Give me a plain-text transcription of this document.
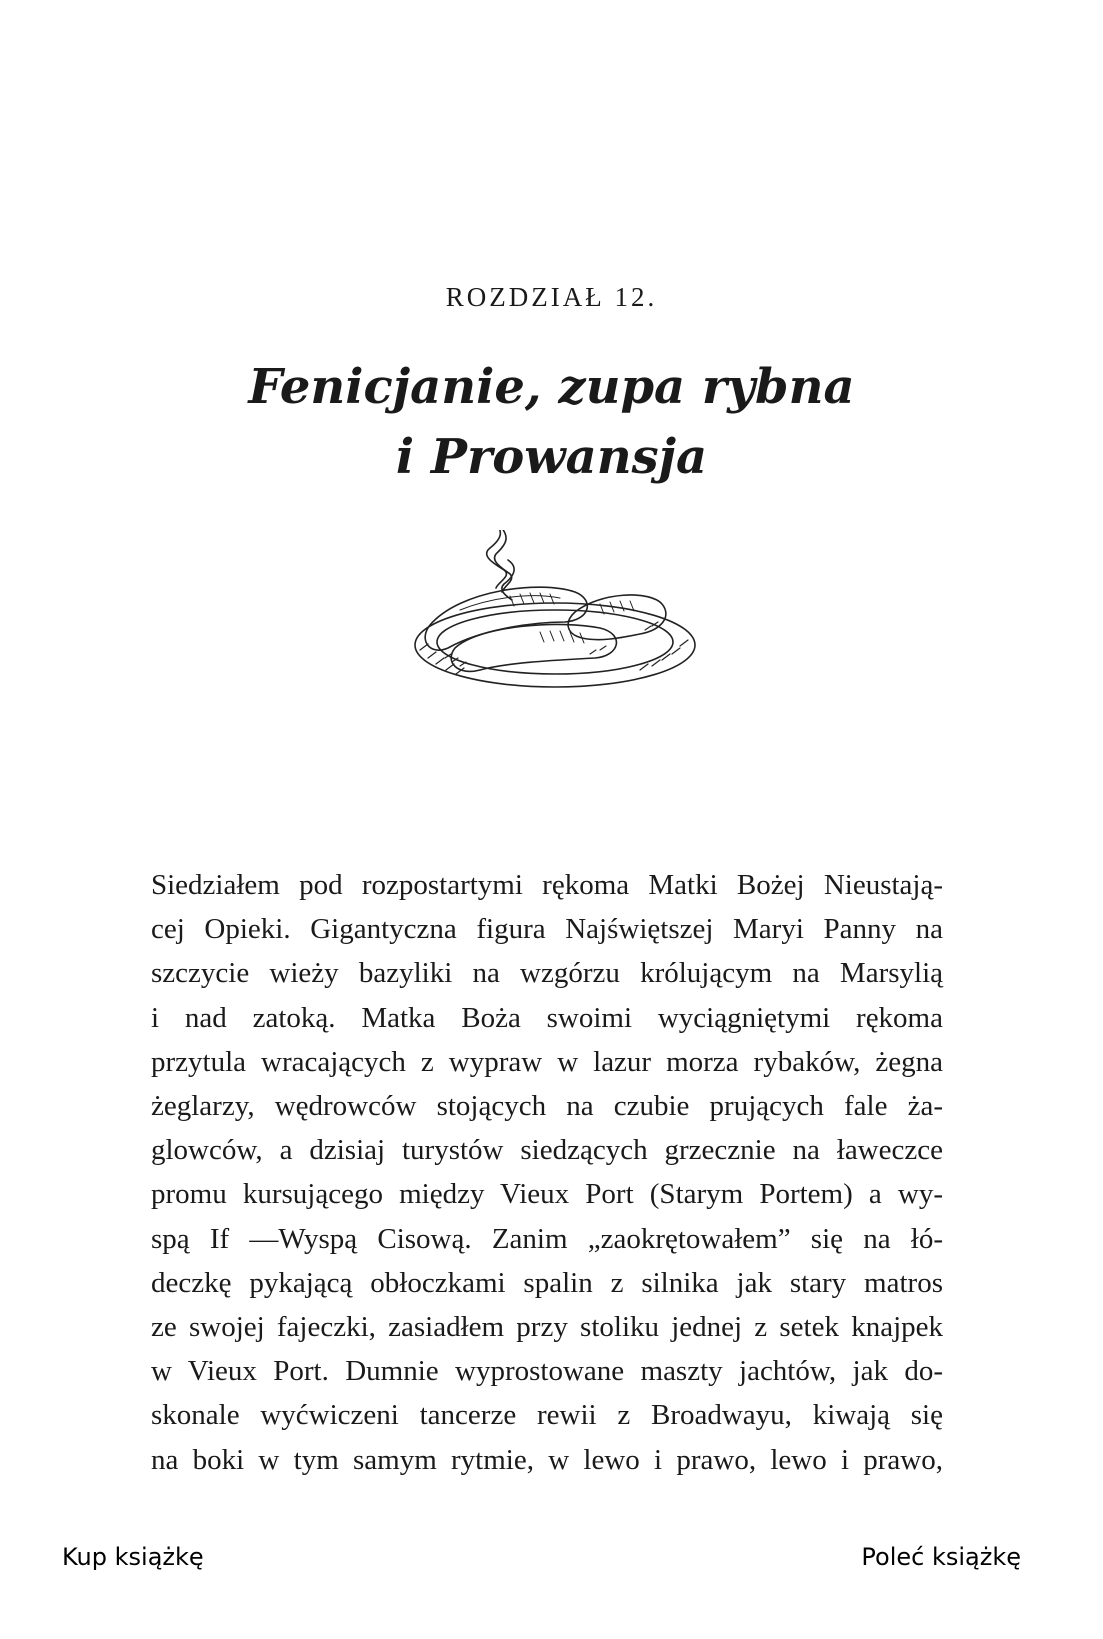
ROZDZIAŁ 12.
Fenicjanie, zupa rybna
i Prowansja
Siedziałem pod rozpostartymi rękoma Matki Bożej Nieustają-
cej Opieki. Gigantyczna figura Najświętszej Maryi Panny na
szczycie wieży bazyliki na wzgórzu królującym na Marsylią
i nad zatoką. Matka Boża swoimi wyciągniętymi rękoma
przytula wracających z wypraw w lazur morza rybaków, żegna
żeglarzy, wędrowców stojących na czubie prujących fale ża-
glowców, a dzisiaj turystów siedzących grzecznie na ławeczce
promu kursującego między Vieux Port (Starym Portem) a wy-
spą If —Wyspą Cisową. Zanim „zaokrętowałem” się na łó-
deczkę pykającą obłoczkami spalin z silnika jak stary matros
ze swojej fajeczki, zasiadłem przy stoliku jednej z setek knajpek
w Vieux Port. Dumnie wyprostowane maszty jachtów, jak do-
skonale wyćwiczeni tancerze rewii z Broadwayu, kiwają się
na boki w tym samym rytmie, w lewo i prawo, lewo i prawo,
Kup książkę	Poleć książkę
